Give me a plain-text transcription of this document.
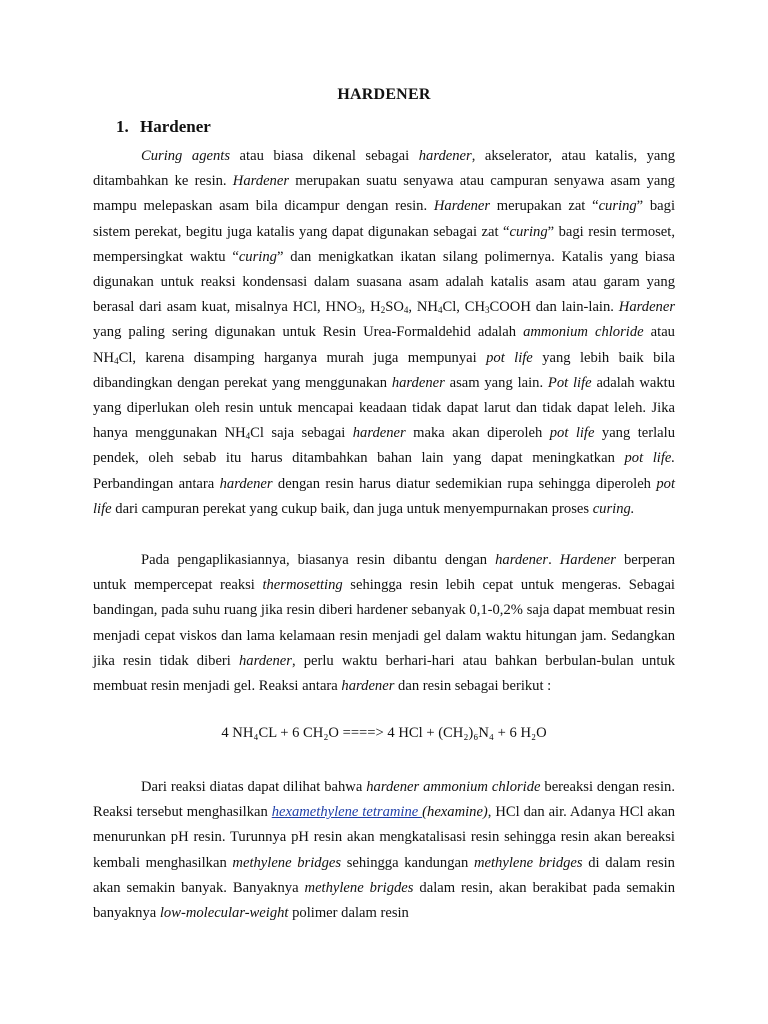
HARDENER
1. Hardener

Curing agents atau biasa dikenal sebagai hardener, akselerator, atau katalis, yang ditambahkan ke resin. Hardener merupakan suatu senyawa atau campuran senyawa asam yang mampu melepaskan asam bila dicampur dengan resin. Hardener merupakan zat “curing” bagi sistem perekat, begitu juga katalis yang dapat digunakan sebagai zat “curing” bagi resin termoset, mempersingkat waktu “curing” dan menigkatkan ikatan silang polimernya. Katalis yang biasa digunakan untuk reaksi kondensasi dalam suasana asam adalah katalis asam atau garam yang berasal dari asam kuat, misalnya HCl, $HNO_3$, $H_2SO_4$, $NH_4Cl$, $CH_3COOH$ dan lain-lain. Hardener yang paling sering digunakan untuk Resin Urea-Formaldehid adalah ammonium chloride atau $NH_4Cl$, karena disamping harganya murah juga mempunyai pot life yang lebih baik bila dibandingkan dengan perekat yang menggunakan hardener asam yang lain. Pot life adalah waktu yang diperlukan oleh resin untuk mencapai keadaan tidak dapat larut dan tidak dapat leleh. Jika hanya menggunakan $NH_4Cl$ saja sebagai hardener maka akan diperoleh pot life yang terlalu pendek, oleh sebab itu harus ditambahkan bahan lain yang dapat meningkatkan pot life. Perbandingan antara hardener dengan resin harus diatur sedemikian rupa sehingga diperoleh pot life dari campuran perekat yang cukup baik, dan juga untuk menyempurnakan proses curing.

Pada pengaplikasiannya, biasanya resin dibantu dengan hardener. Hardener berperan untuk mempercepat reaksi thermosetting sehingga resin lebih cepat untuk mengeras. Sebagai bandingan, pada suhu ruang jika resin diberi hardener sebanyak 0,1-0,2% saja dapat membuat resin menjadi cepat viskos dan lama kelamaan resin menjadi gel dalam waktu hitungan jam. Sedangkan jika resin tidak diberi hardener, perlu waktu berhari-hari atau bahkan berbulan-bulan untuk membuat resin menjadi gel. Reaksi antara hardener dan resin sebagai berikut :

4 NH₄CL + 6 CH₂O ====> 4 HCl + (CH₂)₆N₄ + 6 H₂O

Dari reaksi diatas dapat dilihat bahwa hardener ammonium chloride bereaksi dengan resin. Reaksi tersebut menghasilkan hexamethylene tetramine (hexamine), HCl dan air. Adanya HCl akan menurunkan pH resin. Turunnya pH resin akan mengkatalisasi resin sehingga resin akan bereaksi kembali menghasilkan methylene bridges sehingga kandungan methylene bridges di dalam resin akan semakin banyak. Banyaknya methylene brigdes dalam resin, akan berakibat pada semakin banyaknya low-molecular-weight polimer dalam resin
